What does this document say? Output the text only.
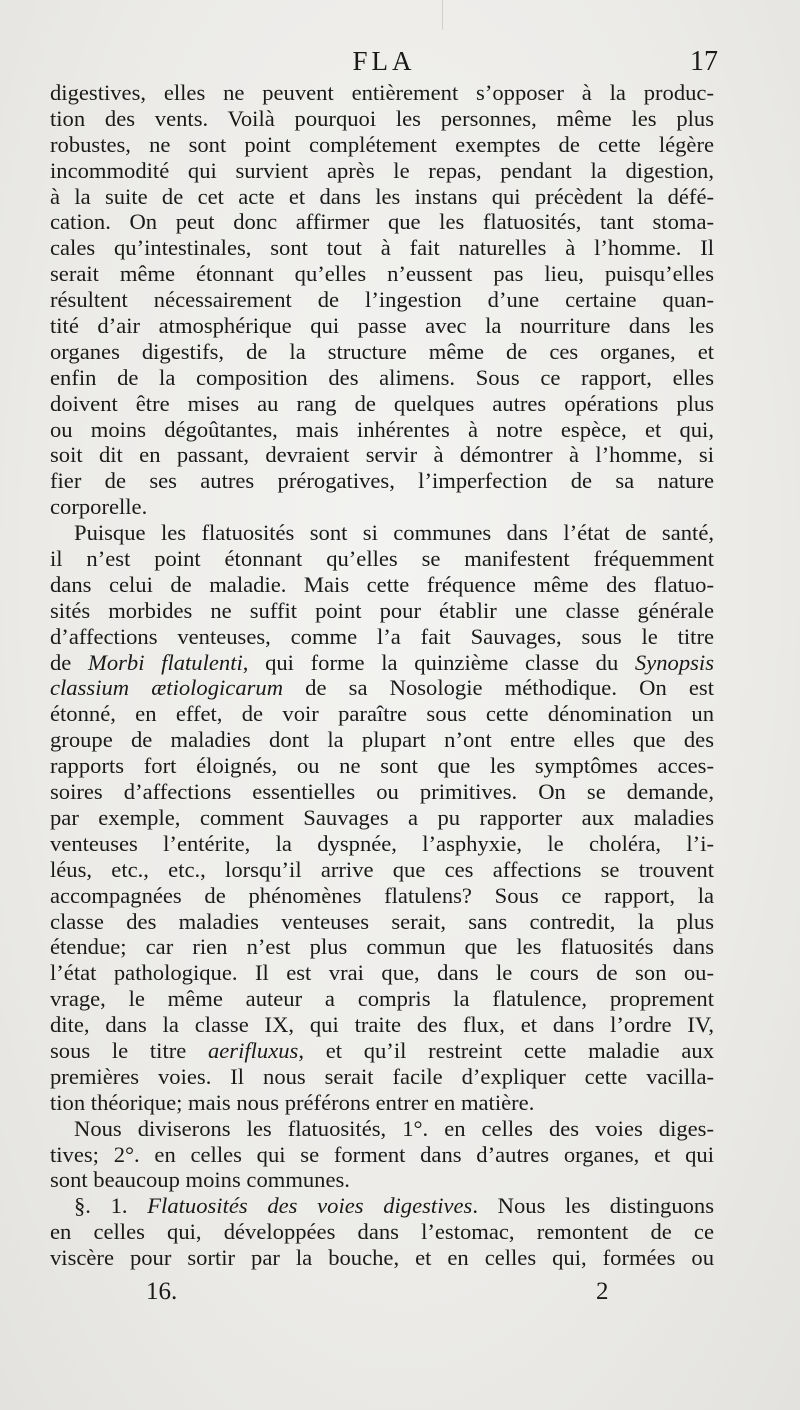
FLA	17
digestives, elles ne peuvent entièrement s’opposer à la produc-
tion des vents. Voilà pourquoi les personnes, même les plus
robustes, ne sont point complétement exemptes de cette légère
incommodité qui survient après le repas, pendant la digestion,
à la suite de cet acte et dans les instans qui précèdent la défé-
cation. On peut donc affirmer que les flatuosités, tant stoma-
cales qu’intestinales, sont tout à fait naturelles à l’homme. Il
serait même étonnant qu’elles n’eussent pas lieu, puisqu’elles
résultent nécessairement de l’ingestion d’une certaine quan-
tité d’air atmosphérique qui passe avec la nourriture dans les
organes digestifs, de la structure même de ces organes, et
enfin de la composition des alimens. Sous ce rapport, elles
doivent être mises au rang de quelques autres opérations plus
ou moins dégoûtantes, mais inhérentes à notre espèce, et qui,
soit dit en passant, devraient servir à démontrer à l’homme, si
fier de ses autres prérogatives, l’imperfection de sa nature
corporelle.
Puisque les flatuosités sont si communes dans l’état de santé,
il n’est point étonnant qu’elles se manifestent fréquemment
dans celui de maladie. Mais cette fréquence même des flatuo-
sités morbides ne suffit point pour établir une classe générale
d’affections venteuses, comme l’a fait Sauvages, sous le titre
de Morbi flatulenti, qui forme la quinzième classe du Synopsis
classium ætiologicarum de sa Nosologie méthodique. On est
étonné, en effet, de voir paraître sous cette dénomination un
groupe de maladies dont la plupart n’ont entre elles que des
rapports fort éloignés, ou ne sont que les symptômes acces-
soires d’affections essentielles ou primitives. On se demande,
par exemple, comment Sauvages a pu rapporter aux maladies
venteuses l’entérite, la dyspnée, l’asphyxie, le choléra, l’i-
léus, etc., etc., lorsqu’il arrive que ces affections se trouvent
accompagnées de phénomènes flatulens? Sous ce rapport, la
classe des maladies venteuses serait, sans contredit, la plus
étendue; car rien n’est plus commun que les flatuosités dans
l’état pathologique. Il est vrai que, dans le cours de son ou-
vrage, le même auteur a compris la flatulence, proprement
dite, dans la classe IX, qui traite des flux, et dans l’ordre IV,
sous le titre aerifluxus, et qu’il restreint cette maladie aux
premières voies. Il nous serait facile d’expliquer cette vacilla-
tion théorique; mais nous préférons entrer en matière.
Nous diviserons les flatuosités, 1°. en celles des voies diges-
tives; 2°. en celles qui se forment dans d’autres organes, et qui
sont beaucoup moins communes.
§. 1. Flatuosités des voies digestives. Nous les distinguons
en celles qui, développées dans l’estomac, remontent de ce
viscère pour sortir par la bouche, et en celles qui, formées ou
16.	2
